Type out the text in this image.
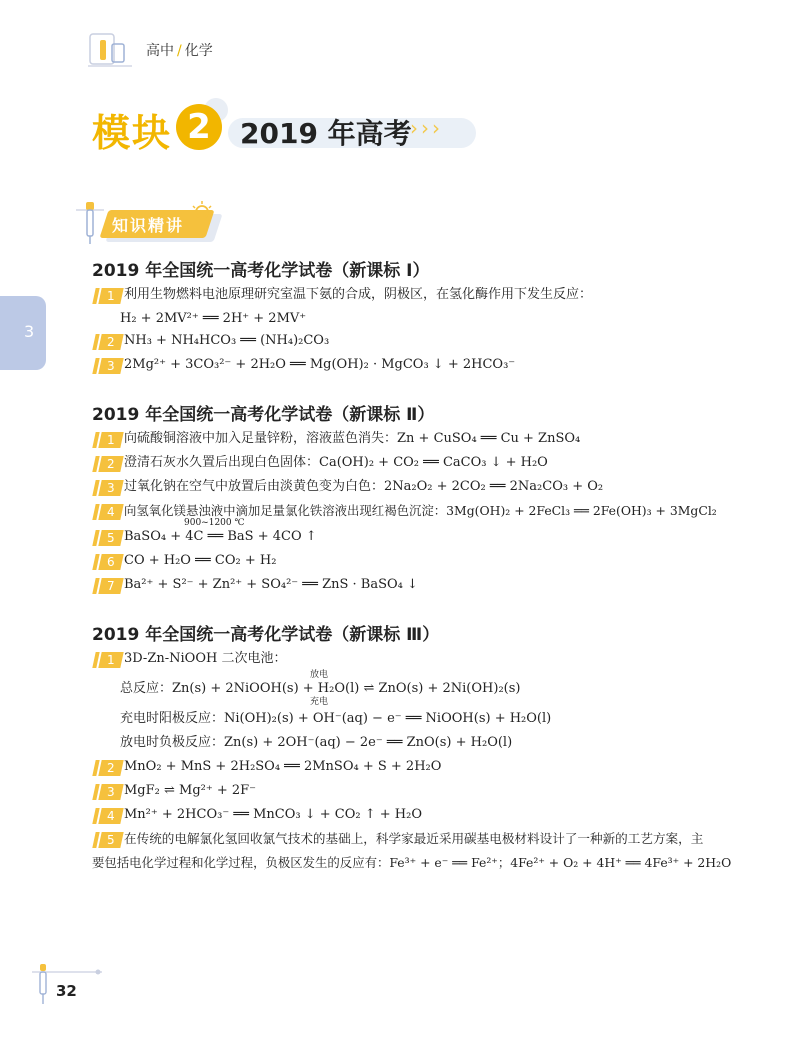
高中 / 化学
模块 2	2019 年高考
›››
知识精讲
3
2019 年全国统一高考化学试卷（新课标 Ⅰ）
1 利用生物燃料电池原理研究室温下氨的合成，阴极区，在氢化酶作用下发生反应：
H₂ + 2MV²⁺ ══ 2H⁺ + 2MV⁺
2 NH₃ + NH₄HCO₃ ══ (NH₄)₂CO₃
3 2Mg²⁺ + 3CO₃²⁻ + 2H₂O ══ Mg(OH)₂ · MgCO₃ ↓ + 2HCO₃⁻
2019 年全国统一高考化学试卷（新课标 Ⅱ）
1 向硫酸铜溶液中加入足量锌粉，溶液蓝色消失：Zn + CuSO₄ ══ Cu + ZnSO₄
2 澄清石灰水久置后出现白色固体：Ca(OH)₂ + CO₂ ══ CaCO₃ ↓ + H₂O
3 过氧化钠在空气中放置后由淡黄色变为白色：2Na₂O₂ + 2CO₂ ══ 2Na₂CO₃ + O₂
4 向氢氧化镁悬浊液中滴加足量氯化铁溶液出现红褐色沉淀：3Mg(OH)₂ + 2FeCl₃ ══ 2Fe(OH)₃ + 3MgCl₂
5
900~1200 ℃
BaSO₄ + 4C ══ BaS + 4CO ↑
6 CO + H₂O ══ CO₂ + H₂
7 Ba²⁺ + S²⁻ + Zn²⁺ + SO₄²⁻ ══ ZnS · BaSO₄ ↓
2019 年全国统一高考化学试卷（新课标 Ⅲ）
1 3D-Zn-NiOOH 二次电池：
放电
总反应：Zn(s) + 2NiOOH(s) + H₂O(l) ⇌ ZnO(s) + 2Ni(OH)₂(s)
充电
充电时阳极反应：Ni(OH)₂(s) + OH⁻(aq) − e⁻ ══ NiOOH(s) + H₂O(l)
放电时负极反应：Zn(s) + 2OH⁻(aq) − 2e⁻ ══ ZnO(s) + H₂O(l)
2 MnO₂ + MnS + 2H₂SO₄ ══ 2MnSO₄ + S + 2H₂O
3 MgF₂ ⇌ Mg²⁺ + 2F⁻
4 Mn²⁺ + 2HCO₃⁻ ══ MnCO₃ ↓ + CO₂ ↑ + H₂O
5 在传统的电解氯化氢回收氯气技术的基础上，科学家最近采用碳基电极材料设计了一种新的工艺方案，主
要包括电化学过程和化学过程，负极区发生的反应有：Fe³⁺ + e⁻ ══ Fe²⁺；4Fe²⁺ + O₂ + 4H⁺ ══ 4Fe³⁺ + 2H₂O
32
